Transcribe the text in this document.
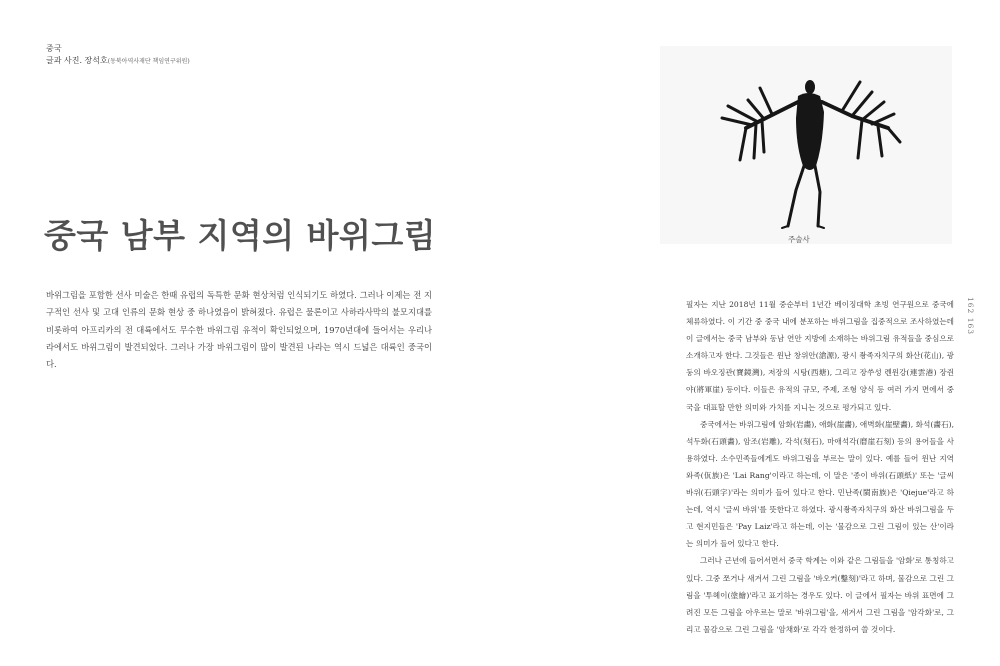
중국
글과 사진. 장석호(동북아역사재단 책임연구위원)
중국 남부 지역의 바위그림

바위그림을 포함한 선사 미술은 한때 유럽의 독특한 문화 현상처럼 인식되기도 하였다. 그러나 이제는 전 지구적인 선사 및 고대 인류의 문화 현상 중 하나였음이 밝혀졌다. 유럽은 물론이고 사하라사막의 불모지대를 비롯하여 아프리카의 전 대륙에서도 무수한 바위그림 유적이 확인되었으며, 1970년대에 들어서는 우리나라에서도 바위그림이 발견되었다. 그러나 가장 바위그림이 많이 발견된 나라는 역시 드넓은 대륙인 중국이다.

주술사
162 163

필자는 지난 2018년 11월 중순부터 1년간 베이징대학 초빙 연구원으로 중국에 체류하였다. 이 기간 중 중국 내에 분포하는 바위그림을 집중적으로 조사하였는데 이 글에서는 중국 남부와 동남 연안 지방에 소재하는 바위그림 유적들을 중심으로 소개하고자 한다. 그것들은 윈난 창위안(滄源), 광시 좡족자치구의 화산(花山), 광둥의 바오징관(寶鏡灣), 저장의 시탕(西塘), 그리고 장쑤성 롄윈강(連雲港) 장쥔야(將軍崖) 등이다. 이들은 유적의 규모, 주제, 조형 양식 등 여러 가지 면에서 중국을 대표할 만한 의미와 가치를 지니는 것으로 평가되고 있다.

중국에서는 바위그림에 암화(岩畵), 애화(崖畵), 애벽화(崖壁畵), 화석(畵石), 석두화(石頭畵), 암조(岩雕), 각석(刻石), 마애석각(磨崖石刻) 등의 용어들을 사용하였다. 소수민족들에게도 바위그림을 부르는 말이 있다. 예를 들어 윈난 지역 와족(佤族)은 'Lai Rang'이라고 하는데, 이 말은 '종이 바위(石頭紙)' 또는 '글씨 바위(石頭字)'라는 의미가 들어 있다고 한다. 민난족(閩南族)은 'Qiejue'라고 하는데, 역시 '글씨 바위'를 뜻한다고 하였다. 광시좡족자치구의 화산 바위그림을 두고 현지민들은 'Pay Laiz'라고 하는데, 이는 '물감으로 그린 그림이 있는 산'이라는 의미가 들어 있다고 한다.

그러나 근년에 들어서면서 중국 학계는 이와 같은 그림들을 '암화'로 통칭하고 있다. 그중 쪼거나 새겨서 그린 그림을 '바오커(鑿刻)'라고 하며, 물감으로 그린 그림을 '투혜이(塗繪)'라고 표기하는 경우도 있다. 이 글에서 필자는 바위 표면에 그려진 모든 그림을 아우르는 말로 '바위그림'을, 새겨서 그린 그림을 '암각화'로, 그리고 물감으로 그린 그림을 '암채화'로 각각 한정하여 쓸 것이다.
